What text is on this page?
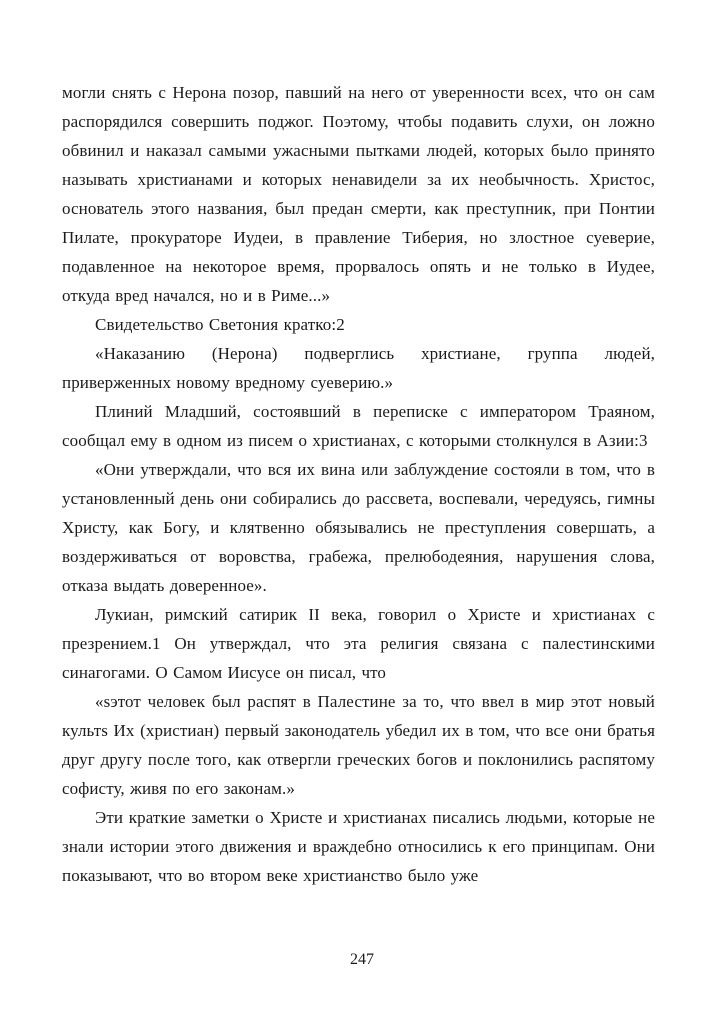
могли снять с Нерона позор, павший на него от уверенности всех, что он сам распорядился совершить поджог. Поэтому, чтобы подавить слухи, он ложно обвинил и наказал самыми ужасными пытками людей, которых было принято называть христианами и которых ненавидели за их необычность. Христос, основатель этого названия, был предан смерти, как преступник, при Понтии Пилате, прокураторе Иудеи, в правление Тиберия, но злостное суеверие, подавленное на некоторое время, прорвалось опять и не только в Иудее, откуда вред начался, но и в Риме...»

Свидетельство Светония кратко:2

«Наказанию (Нерона) подверглись христиане, группа людей, приверженных новому вредному суеверию.»

Плиний Младший, состоявший в переписке с императором Траяном, сообщал ему в одном из писем о христианах, с которыми столкнулся в Азии:3

«Они утверждали, что вся их вина или заблуждение состояли в том, что в установленный день они собирались до рассвета, воспевали, чередуясь, гимны Христу, как Богу, и клятвенно обязывались не преступления совершать, а воздерживаться от воровства, грабежа, прелюбодеяния, нарушения слова, отказа выдать доверенное».

Лукиан, римский сатирик II века, говорил о Христе и христианах с презрением.1 Он утверждал, что эта религия связана с палестинскими синагогами. О Самом Иисусе он писал, что

«sэтот человек был распят в Палестине за то, что ввел в мир этот новый культs Их (христиан) первый законодатель убедил их в том, что все они братья друг другу после того, как отвергли греческих богов и поклонились распятому софисту, живя по его законам.»

Эти краткие заметки о Христе и христианах писались людьми, которые не знали истории этого движения и враждебно относились к его принципам. Они показывают, что во втором веке христианство было уже

247
